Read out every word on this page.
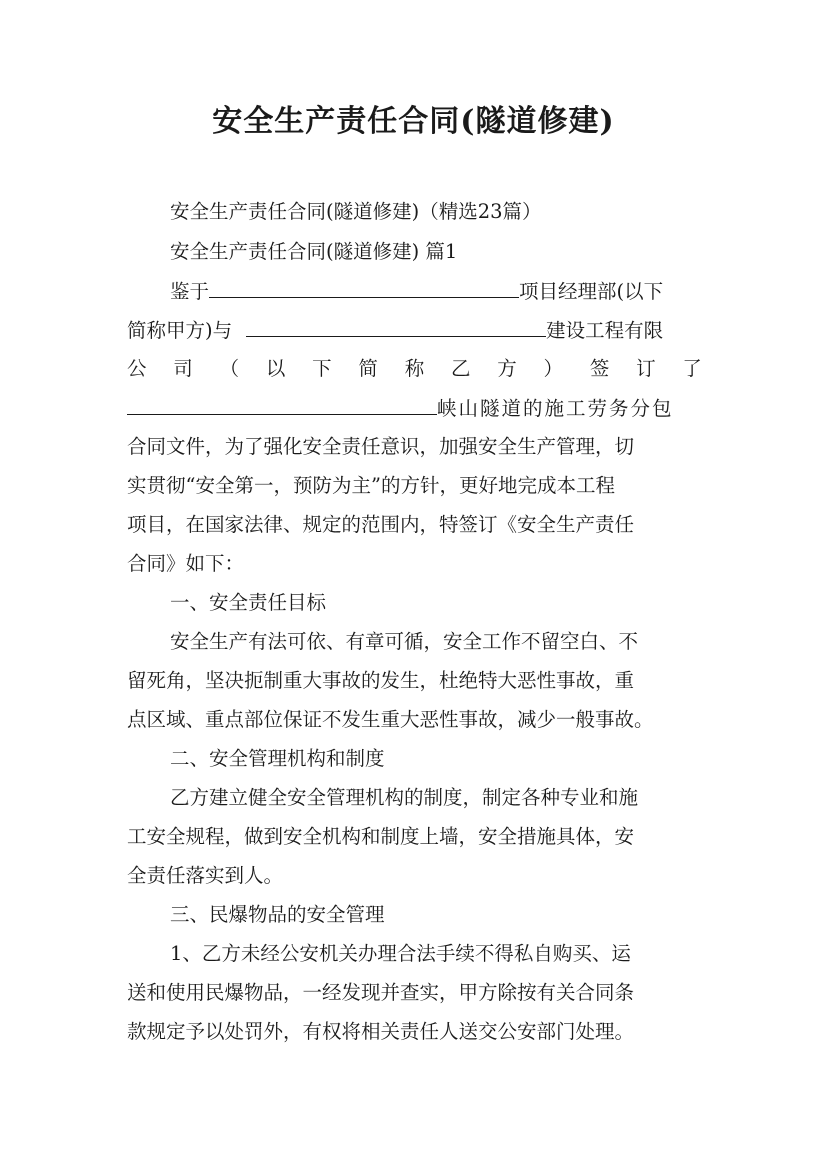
安全生产责任合同(隧道修建)
安全生产责任合同(隧道修建)（精选23篇）
安全生产责任合同(隧道修建) 篇1
鉴于	项目经理部(以下
简称甲方)与	建设工程有限
公 司 （ 以 下 简 称 乙 方 ） 签 订 了
峡山隧道的施工劳务分包
合同文件，为了强化安全责任意识，加强安全生产管理，切
实贯彻“安全第一，预防为主”的方针，更好地完成本工程
项目，在国家法律、规定的范围内，特签订《安全生产责任
合同》如下：
一、安全责任目标
安全生产有法可依、有章可循，安全工作不留空白、不
留死角，坚决扼制重大事故的发生，杜绝特大恶性事故，重
点区域、重点部位保证不发生重大恶性事故，减少一般事故。
二、安全管理机构和制度
乙方建立健全安全管理机构的制度，制定各种专业和施
工安全规程，做到安全机构和制度上墙，安全措施具体，安
全责任落实到人。
三、民爆物品的安全管理
1、乙方未经公安机关办理合法手续不得私自购买、运
送和使用民爆物品，一经发现并查实，甲方除按有关合同条
款规定予以处罚外，有权将相关责任人送交公安部门处理。
